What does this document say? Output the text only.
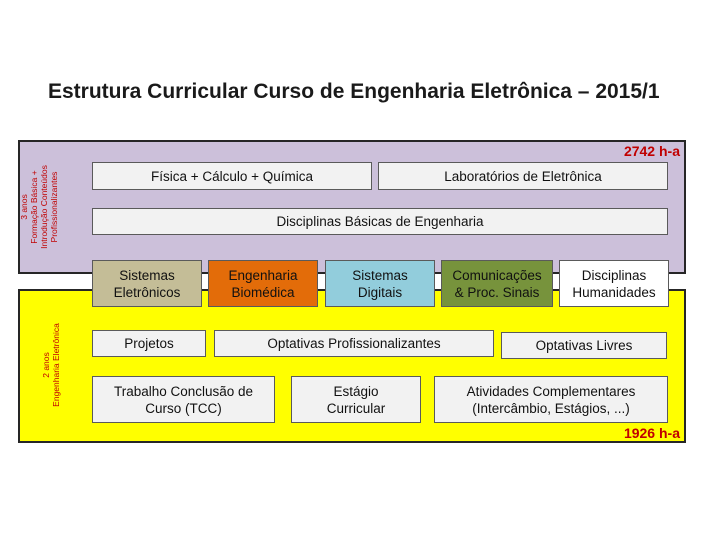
Estrutura Curricular Curso de Engenharia Eletrônica – 2015/1
2742 h-a
3 anos Formação Básica + Introdução Conteúdos Profissionalizantes	Física + Cálculo + Química	Laboratórios de Eletrônica
Disciplinas Básicas de Engenharia
1926 h-a
2 anos Engenharia Eletrônica
Sistemas
Eletrônicos
Engenharia
Biomédica
Sistemas
Digitais
Comunicações
& Proc. Sinais
Disciplinas
Humanidades
Projetos	Optativas Profissionalizantes	Optativas Livres
Trabalho Conclusão de
Curso (TCC)
Estágio
Curricular
Atividades Complementares
(Intercâmbio, Estágios, ...)
